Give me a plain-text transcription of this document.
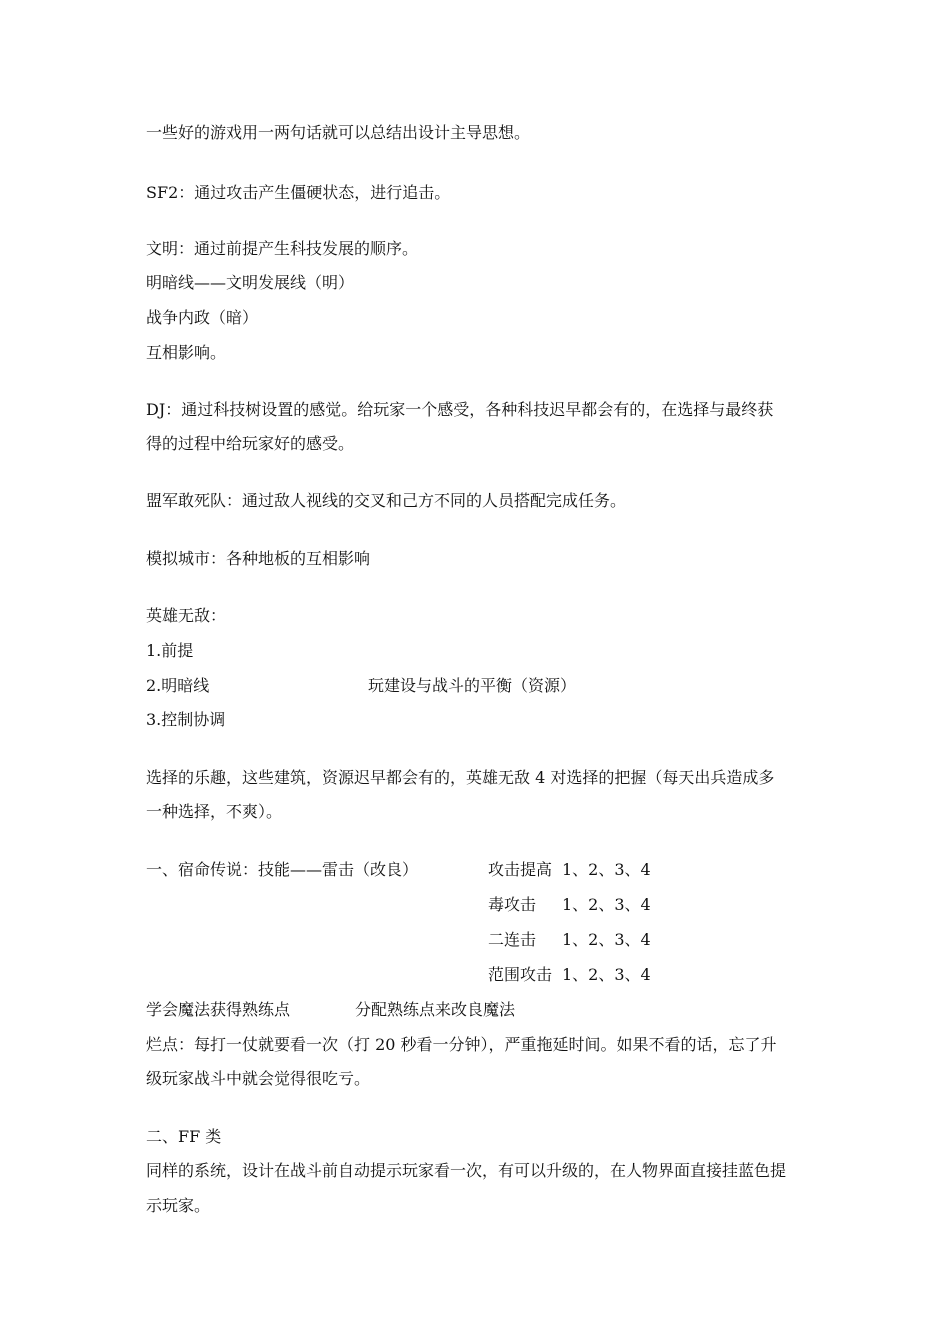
一些好的游戏用一两句话就可以总结出设计主导思想。
SF2：通过攻击产生僵硬状态，进行追击。
文明：通过前提产生科技发展的顺序。
明暗线——文明发展线（明）
战争内政（暗）
互相影响。
DJ：通过科技树设置的感觉。给玩家一个感受，各种科技迟早都会有的，在选择与最终获
得的过程中给玩家好的感受。
盟军敢死队：通过敌人视线的交叉和己方不同的人员搭配完成任务。
模拟城市：各种地板的互相影响
英雄无敌：
1.前提
2.明暗线	玩建设与战斗的平衡（资源）
3.控制协调
选择的乐趣，这些建筑，资源迟早都会有的，英雄无敌 4 对选择的把握（每天出兵造成多
一种选择，不爽）。
一、宿命传说：技能——雷击（改良）	攻击提高 1、2、3、4
毒攻击 1、2、3、4
二连击 1、2、3、4
范围攻击 1、2、3、4
学会魔法获得熟练点	分配熟练点来改良魔法
烂点：每打一仗就要看一次（打 20 秒看一分钟），严重拖延时间。如果不看的话，忘了升
级玩家战斗中就会觉得很吃亏。
二、FF 类
同样的系统，设计在战斗前自动提示玩家看一次，有可以升级的，在人物界面直接挂蓝色提
示玩家。
